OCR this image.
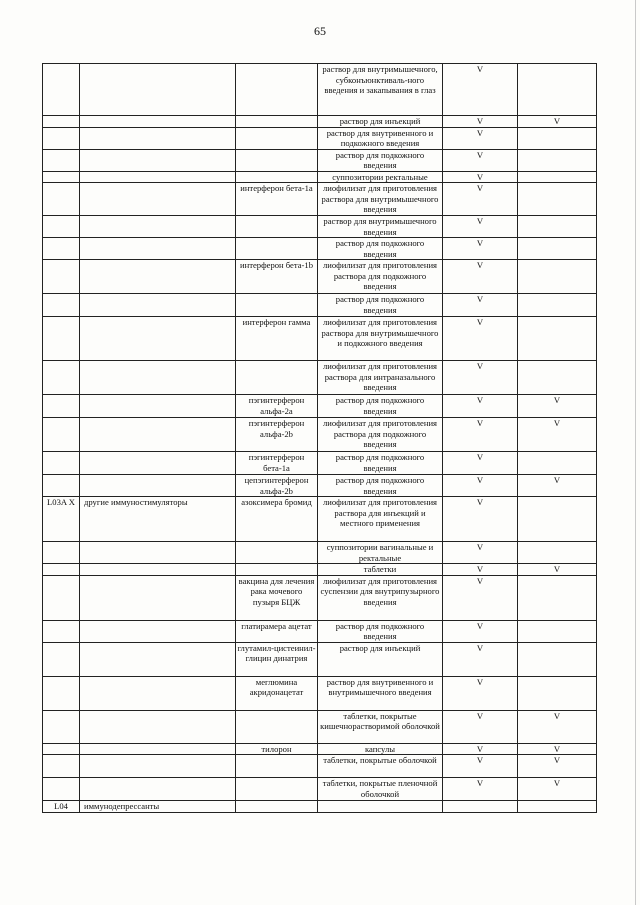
65
			раствор для внутримышечного, субконъюнктиваль-ного введения и закапывания в глаз	V	
			раствор для инъекций	V	V
			раствор для внутривенного и подкожного введения	V	
			раствор для подкожного введения	V	
			суппозитории ректальные	V	
		интерферон бета-1a	лиофилизат для приготовления раствора для внутримышечного введения	V	
			раствор для внутримышечного введения	V	
			раствор для подкожного введения	V	
		интерферон бета-1b	лиофилизат для приготовления раствора для подкожного введения	V	
			раствор для подкожного введения	V	
		интерферон гамма	лиофилизат для приготовления раствора для внутримышечного и подкожного введения	V	
			лиофилизат для приготовления раствора для интраназального введения	V	
		пэгинтерферон альфа-2a	раствор для подкожного введения	V	V
		пэгинтерферон альфа-2b	лиофилизат для приготовления раствора для подкожного введения	V	V
		пэгинтерферон бета-1a	раствор для подкожного введения	V	
		цепэгинтерферон альфа-2b	раствор для подкожного введения	V	V
L03A X	другие иммуностимуляторы	азоксимера бромид	лиофилизат для приготовления раствора для инъекций и местного применения	V	
			суппозитории вагинальные и ректальные	V	
			таблетки	V	V
		вакцина для лечения рака мочевого пузыря БЦЖ	лиофилизат для приготовления суспензии для внутрипузырного введения	V	
		глатирамера ацетат	раствор для подкожного введения	V	
		глутамил-цистеинил-глицин динатрия	раствор для инъекций	V	
		меглюмина акридонацетат	раствор для внутривенного и внутримышечного введения	V	
			таблетки, покрытые кишечнорастворимой оболочкой	V	V
		тилорон	капсулы	V	V
			таблетки, покрытые оболочкой	V	V
			таблетки, покрытые пленочной оболочкой	V	V
L04	иммунодепрессанты				
